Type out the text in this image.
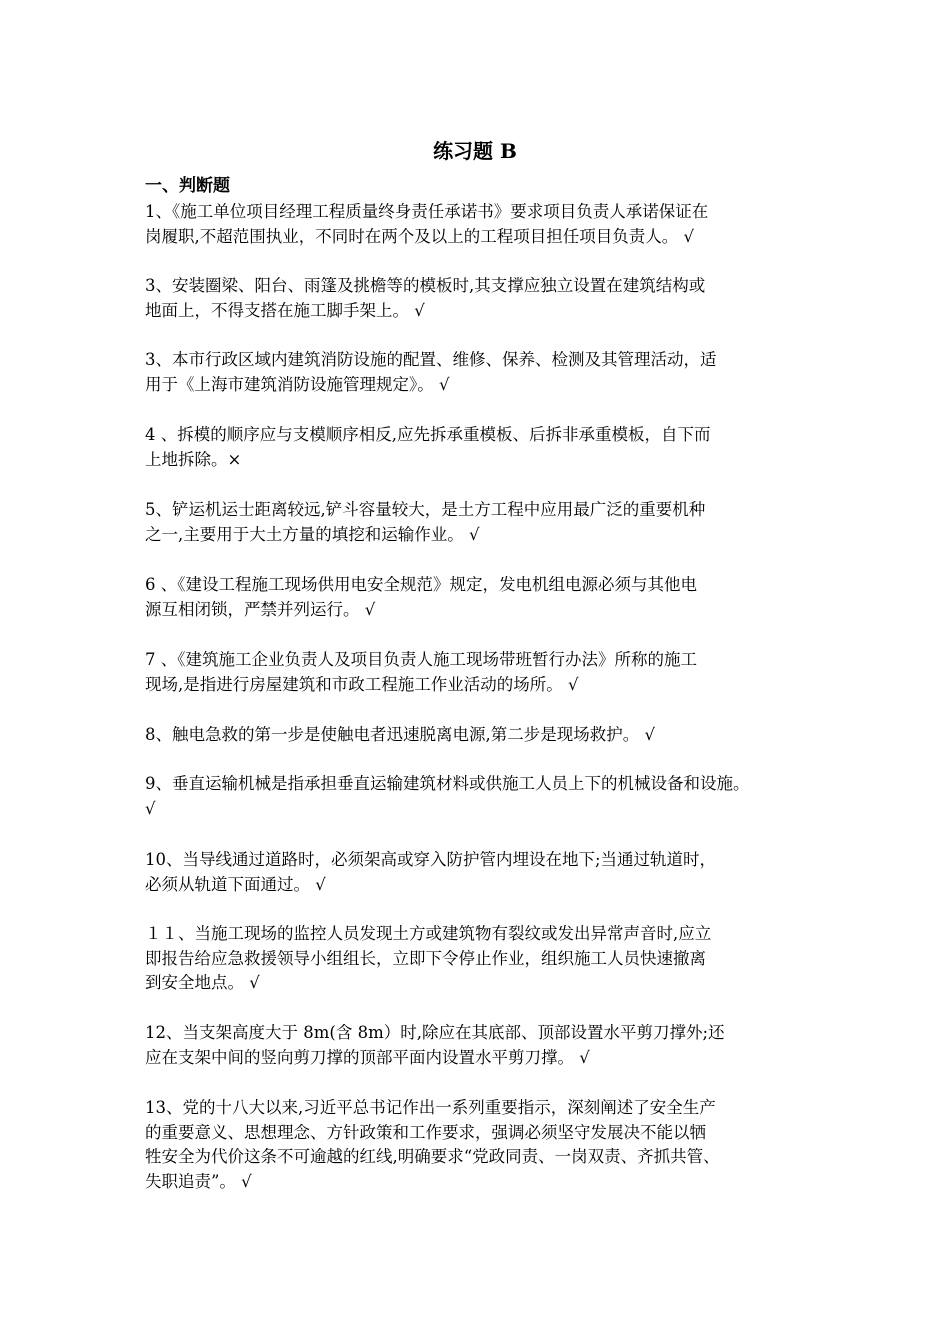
练习题 B
一、判断题
1、《施工单位项目经理工程质量终身责任承诺书》要求项目负责人承诺保证在
岗履职,不超范围执业，不同时在两个及以上的工程项目担任项目负责人。 √
3、安装圈梁、阳台、雨篷及挑檐等的模板时,其支撑应独立设置在建筑结构或
地面上，不得支搭在施工脚手架上。 √
3、本市行政区域内建筑消防设施的配置、维修、保养、检测及其管理活动，适
用于《上海市建筑消防设施管理规定》。 √
4 、拆模的顺序应与支模顺序相反,应先拆承重模板、后拆非承重模板，自下而
上地拆除。×
5、铲运机运士距离较远,铲斗容量较大，是土方工程中应用最广泛的重要机种
之一,主要用于大土方量的填挖和运输作业。 √
6 、《建设工程施工现场供用电安全规范》规定，发电机组电源必须与其他电
源互相闭锁，严禁并列运行。 √
7 、《建筑施工企业负责人及项目负责人施工现场带班暂行办法》所称的施工
现场,是指进行房屋建筑和市政工程施工作业活动的场所。 √
8、触电急救的第一步是使触电者迅速脱离电源,第二步是现场救护。 √
9、垂直运输机械是指承担垂直运输建筑材料或供施工人员上下的机械设备和设施。
√
10、当导线通过道路时，必须架高或穿入防护管内埋设在地下;当通过轨道时，
必须从轨道下面通过。 √
１１、当施工现场的监控人员发现土方或建筑物有裂纹或发出异常声音时,应立
即报告给应急救援领导小组组长，立即下令停止作业，组织施工人员快速撤离
到安全地点。 √
12、当支架高度大于 8m(含 8m）时,除应在其底部、顶部设置水平剪刀撑外;还
应在支架中间的竖向剪刀撑的顶部平面内设置水平剪刀撑。 √
13、党的十八大以来,习近平总书记作出一系列重要指示，深刻阐述了安全生产
的重要意义、思想理念、方针政策和工作要求，强调必须坚守发展决不能以牺
牲安全为代价这条不可逾越的红线,明确要求“党政同责、一岗双责、齐抓共管、
失职追责”。 √
